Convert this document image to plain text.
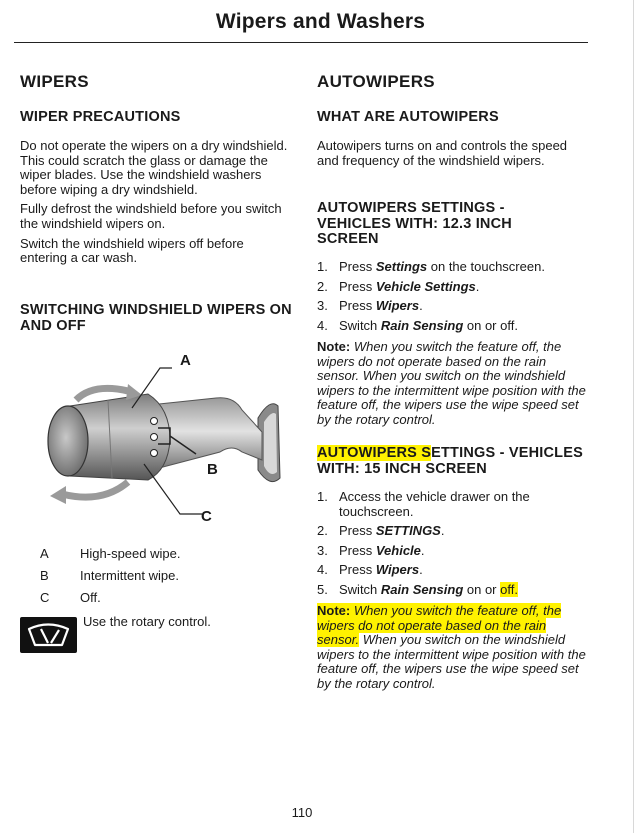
Wipers and Washers
WIPERS
WIPER PRECAUTIONS

Do not operate the wipers on a dry windshield. This could scratch the glass or damage the wiper blades. Use the windshield washers before wiping a dry windshield.

Fully defrost the windshield before you switch the windshield wipers on.

Switch the windshield wipers off before entering a car wash.

SWITCHING WINDSHIELD WIPERS ON AND OFF
A
B
C
A	High-speed wipe.
B	Intermittent wipe.
C	Off.
Use the rotary control.
AUTOWIPERS
WHAT ARE AUTOWIPERS

Autowipers turns on and controls the speed and frequency of the windshield wipers.

AUTOWIPERS SETTINGS - VEHICLES WITH: 12.3 INCH SCREEN
1. Press Settings on the touchscreen.
2. Press Vehicle Settings.
3. Press Wipers.
4. Switch Rain Sensing on or off.

Note: When you switch the feature off, the wipers do not operate based on the rain sensor. When you switch on the windshield wipers to the intermittent wipe position with the feature off, the wipers use the wipe speed set by the rotary control.

AUTOWIPERS SETTINGS - VEHICLES WITH: 15 INCH SCREEN
1. Access the vehicle drawer on the touchscreen.
2. Press SETTINGS.
3. Press Vehicle.
4. Press Wipers.
5. Switch Rain Sensing on or off.

Note: When you switch the feature off, the wipers do not operate based on the rain sensor. When you switch on the windshield wipers to the intermittent wipe position with the feature off, the wipers use the wipe speed set by the rotary control.

110
